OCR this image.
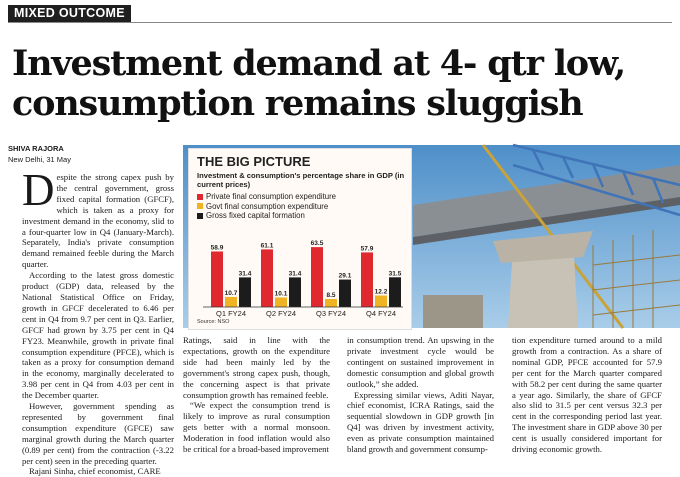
MIXED OUTCOME
Investment demand at 4- qtr low,
consumption remains sluggish
SHIVA RAJORA
New Delhi, 31 May	THE BIG PICTURE
Investment & consumption's percentage share in GDP (in current prices)
Private final consumption expenditure
Govt final consumption expenditure
Gross fixed capital formation
58.9
10.7
31.4
Q1 FY24
61.1
10.1
31.4
Q2 FY24
63.5
8.5
29.1
Q3 FY24
57.9
12.2
31.5
Q4 FY24
Source: NSO

Despite the strong capex push by the central government, gross fixed capital formation (GFCF), which is taken as a proxy for investment demand in the economy, slid to a four-quarter low in Q4 (January-March). Separately, India's private consumption demand remained feeble during the March quarter.

According to the latest gross domestic product (GDP) data, released by the National Statistical Office on Friday, growth in GFCF decelerated to 6.46 per cent in Q4 from 9.7 per cent in Q3. Earlier, GFCF had grown by 3.75 per cent in Q4 FY23. Meanwhile, growth in private final consumption expenditure (PFCE), which is taken as a proxy for consumption demand in the economy, marginally decelerated to 3.98 per cent in Q4 from 4.03 per cent in the December quarter.

However, government spending as represented by government final consumption expenditure (GFCE) saw marginal growth during the March quarter (0.89 per cent) from the contraction (-3.22 per cent) seen in the preceding quarter.

Rajani Sinha, chief economist, CARE

Ratings, said in line with the expectations, growth on the expenditure side had been mainly led by the government's strong capex push, though, the concerning aspect is that private consumption growth has remained feeble.

“We expect the consumption trend is likely to improve as rural consumption gets better with a normal monsoon. Moderation in food inflation would also be critical for a broad-based improvement

in consumption trend. An upswing in the private investment cycle would be contingent on sustained improvement in domestic consumption and global growth outlook,” she added.

Expressing similar views, Aditi Nayar, chief economist, ICRA Ratings, said the sequential slowdown in GDP growth [in Q4] was driven by investment activity, even as private consumption maintained bland growth and government consump-

tion expenditure turned around to a mild growth from a contraction. As a share of nominal GDP, PFCE accounted for 57.9 per cent for the March quarter compared with 58.2 per cent during the same quarter a year ago. Similarly, the share of GFCF also slid to 31.5 per cent versus 32.3 per cent in the corresponding period last year. The investment share in GDP above 30 per cent is usually considered important for driving economic growth.
